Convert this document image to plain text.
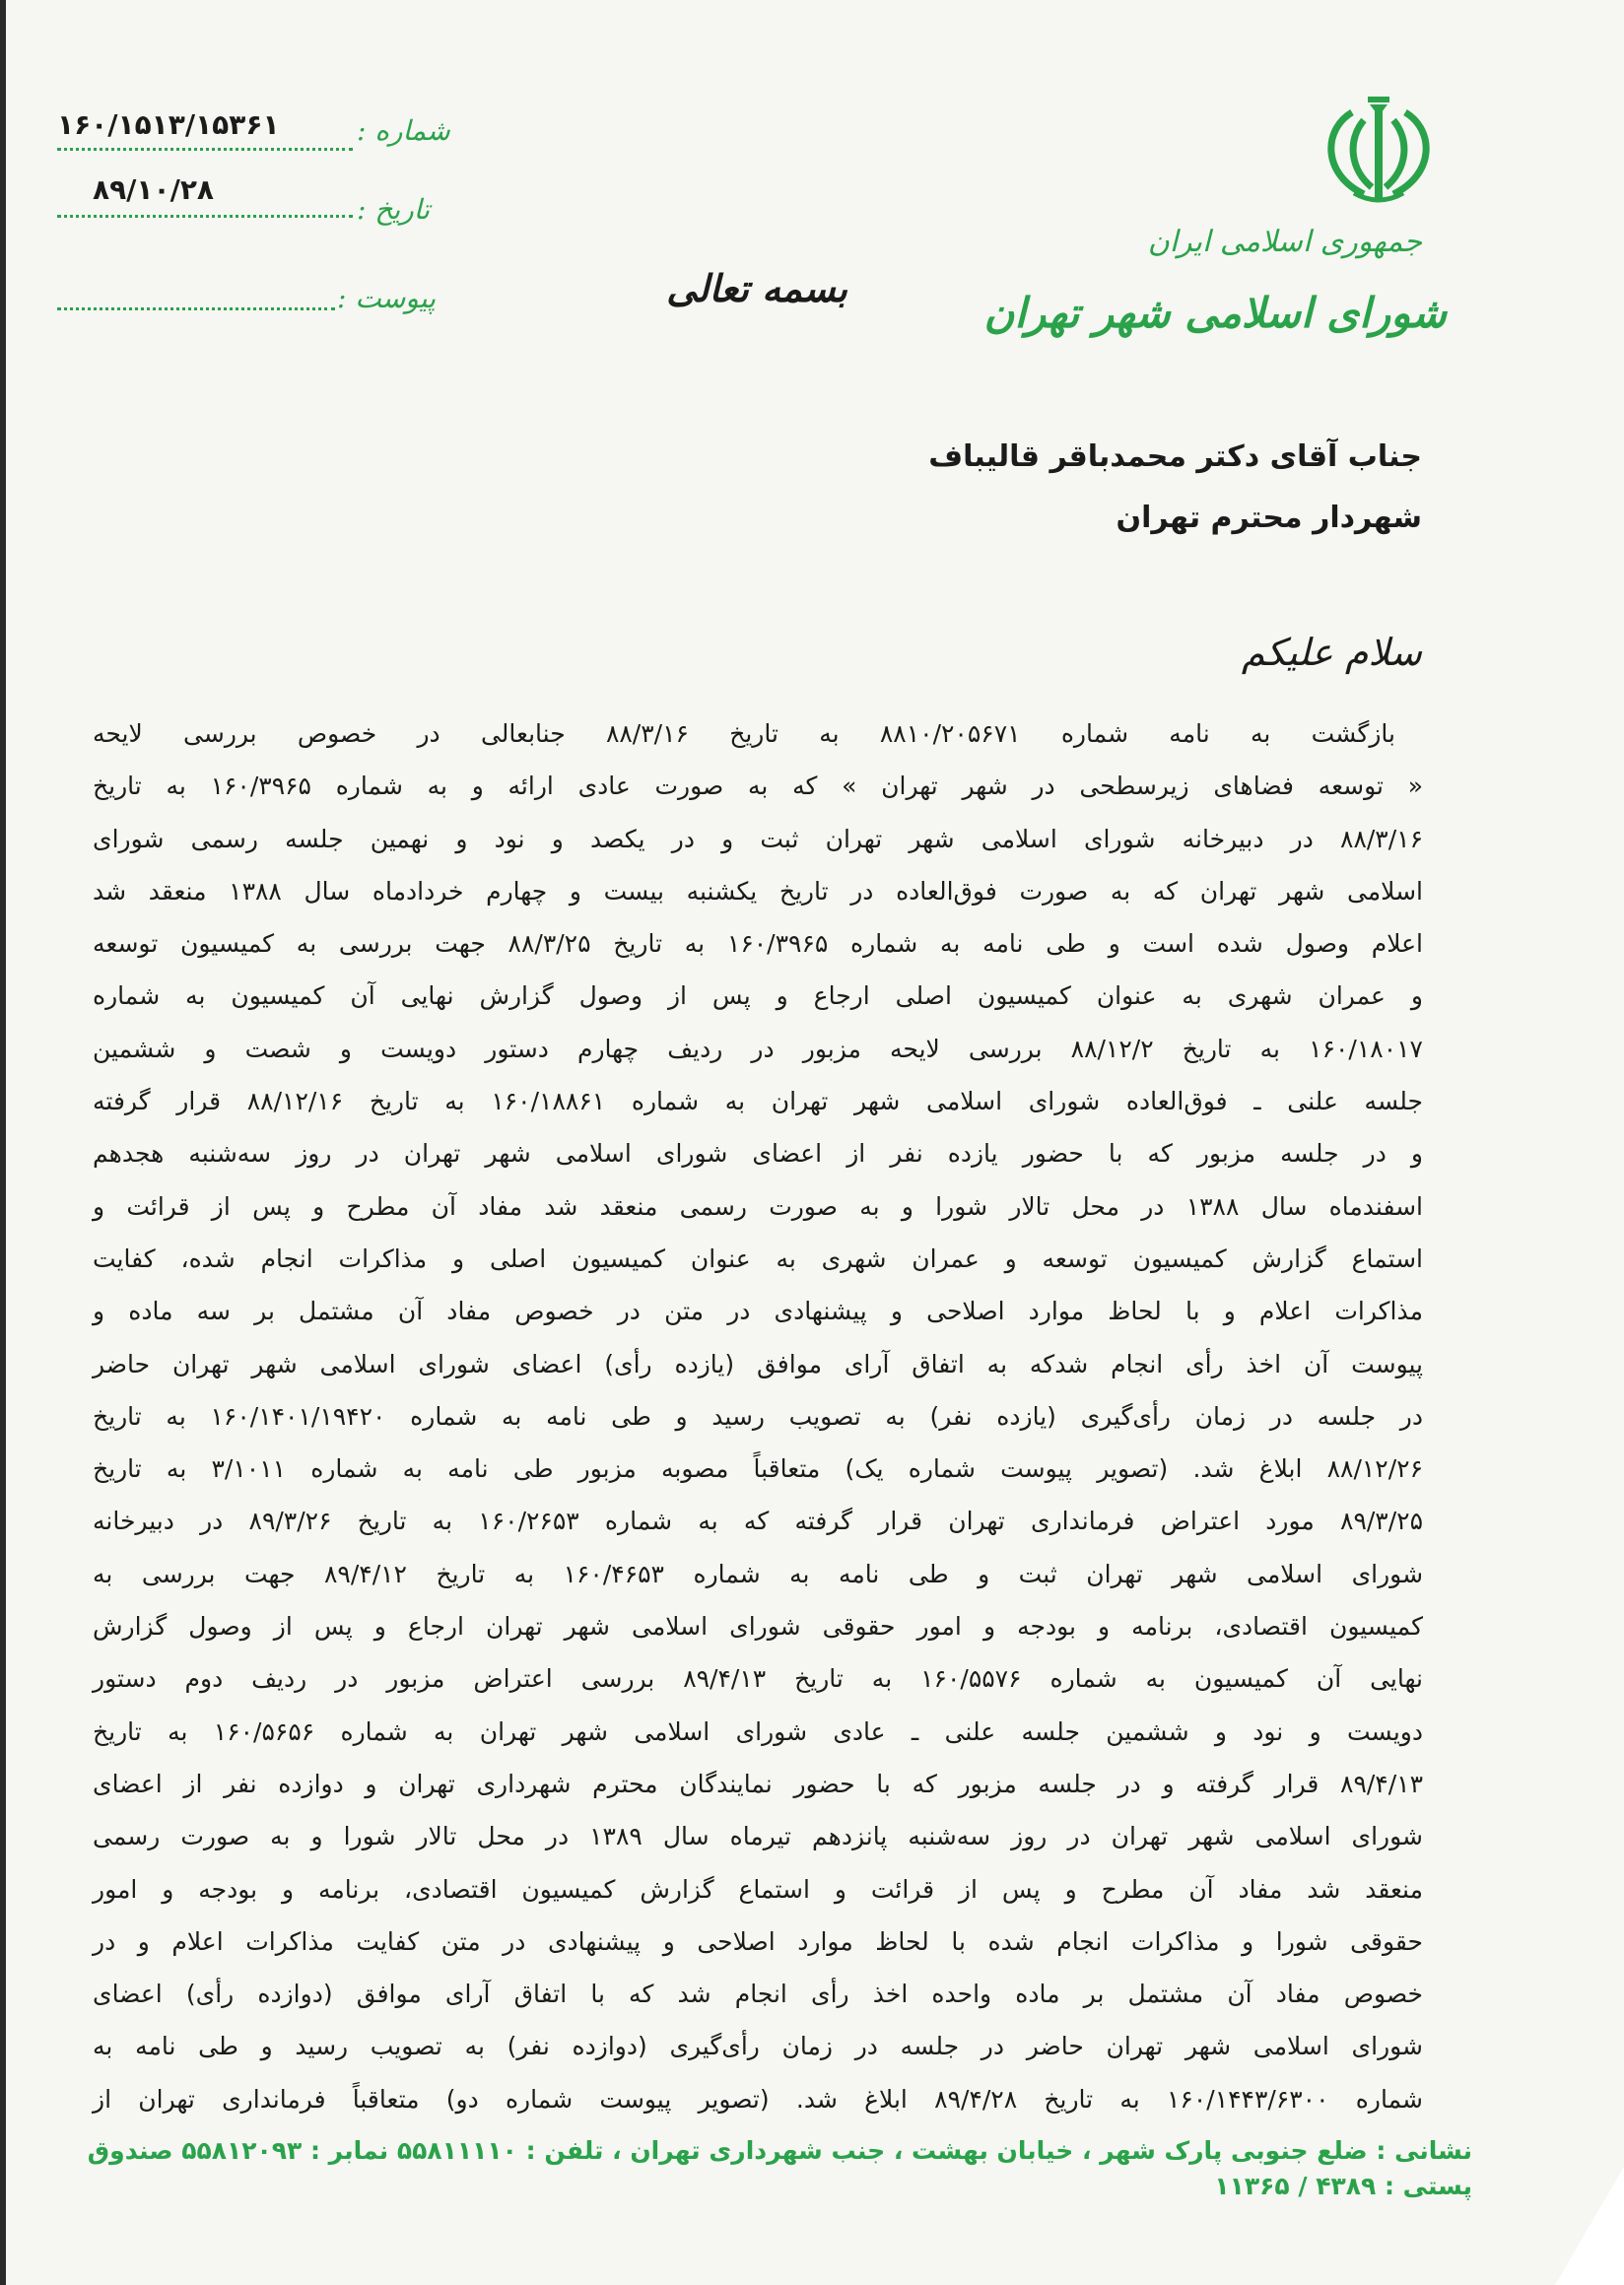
۱۶۰/۱۵۱۳/۱۵۳۶۱	شماره :
۸۹/۱۰/۲۸
تاریخ :
پیوست :	بسمه تعالی
جمهوری اسلامی ایران
شورای اسلامی شهر تهران
جناب آقای دکتر محمدباقر قالیباف
شهردار محترم تهران
سلام علیکم
بازگشت به نامه شماره ۸۸۱۰/۲۰۵۶۷۱ به تاریخ ۸۸/۳/۱۶ جنابعالی در خصوص بررسی لایحه
« توسعه فضاهای زیرسطحی در شهر تهران » که به صورت عادی ارائه و به شماره ۱۶۰/۳۹۶۵ به تاریخ
۸۸/۳/۱۶ در دبیرخانه شورای اسلامی شهر تهران ثبت و در یکصد و نود و نهمین جلسه رسمی شورای
اسلامی شهر تهران که به صورت فوق‌العاده در تاریخ یکشنبه بیست و چهارم خردادماه سال ۱۳۸۸ منعقد شد
اعلام وصول شده است و طی نامه به شماره ۱۶۰/۳۹۶۵ به تاریخ ۸۸/۳/۲۵ جهت بررسی به کمیسیون توسعه
و عمران شهری به عنوان کمیسیون اصلی ارجاع و پس از وصول گزارش نهایی آن کمیسیون به شماره
۱۶۰/۱۸۰۱۷ به تاریخ ۸۸/۱۲/۲ بررسی لایحه مزبور در ردیف چهارم دستور دویست و شصت و ششمین
جلسه علنی ـ فوق‌العاده شورای اسلامی شهر تهران به شماره ۱۶۰/۱۸۸۶۱ به تاریخ ۸۸/۱۲/۱۶ قرار گرفته
و در جلسه مزبور که با حضور یازده نفر از اعضای شورای اسلامی شهر تهران در روز سه‌شنبه هجدهم
اسفندماه سال ۱۳۸۸ در محل تالار شورا و به صورت رسمی منعقد شد مفاد آن مطرح و پس از قرائت و
استماع گزارش کمیسیون توسعه و عمران شهری به عنوان کمیسیون اصلی و مذاکرات انجام شده، کفایت
مذاکرات اعلام و با لحاظ موارد اصلاحی و پیشنهادی در متن در خصوص مفاد آن مشتمل بر سه ماده و
پیوست آن اخذ رأی انجام شدکه به اتفاق آرای موافق (یازده رأی) اعضای شورای اسلامی شهر تهران حاضر
در جلسه در زمان رأی‌گیری (یازده نفر) به تصویب رسید و طی نامه به شماره ۱۶۰/۱۴۰۱/۱۹۴۲۰ به تاریخ
۸۸/۱۲/۲۶ ابلاغ شد. (تصویر پیوست شماره یک) متعاقباً مصوبه مزبور طی نامه به شماره ۳/۱۰۱۱ به تاریخ
۸۹/۳/۲۵ مورد اعتراض فرمانداری تهران قرار گرفته که به شماره ۱۶۰/۲۶۵۳ به تاریخ ۸۹/۳/۲۶ در دبیرخانه
شورای اسلامی شهر تهران ثبت و طی نامه به شماره ۱۶۰/۴۶۵۳ به تاریخ ۸۹/۴/۱۲ جهت بررسی به
کمیسیون اقتصادی، برنامه و بودجه و امور حقوقی شورای اسلامی شهر تهران ارجاع و پس از وصول گزارش
نهایی آن کمیسیون به شماره ۱۶۰/۵۵۷۶ به تاریخ ۸۹/۴/۱۳ بررسی اعتراض مزبور در ردیف دوم دستور
دویست و نود و ششمین جلسه علنی ـ عادی شورای اسلامی شهر تهران به شماره ۱۶۰/۵۶۵۶ به تاریخ
۸۹/۴/۱۳ قرار گرفته و در جلسه مزبور که با حضور نمایندگان محترم شهرداری تهران و دوازده نفر از اعضای
شورای اسلامی شهر تهران در روز سه‌شنبه پانزدهم تیرماه سال ۱۳۸۹ در محل تالار شورا و به صورت رسمی
منعقد شد مفاد آن مطرح و پس از قرائت و استماع گزارش کمیسیون اقتصادی، برنامه و بودجه و امور
حقوقی شورا و مذاکرات انجام شده با لحاظ موارد اصلاحی و پیشنهادی در متن کفایت مذاکرات اعلام و در
خصوص مفاد آن مشتمل بر ماده واحده اخذ رأی انجام شد که با اتفاق آرای موافق (دوازده رأی) اعضای
شورای اسلامی شهر تهران حاضر در جلسه در زمان رأی‌گیری (دوازده نفر) به تصویب رسید و طی نامه به
شماره ۱۶۰/۱۴۴۳/۶۳۰۰ به تاریخ ۸۹/۴/۲۸ ابلاغ شد. (تصویر پیوست شماره دو) متعاقباً فرمانداری تهران از
نشانی : ضلع جنوبی پارک شهر ، خیابان بهشت ، جنب شهرداری تهران ، تلفن : ۵۵۸۱۱۱۱۰ نمابر : ۵۵۸۱۲۰۹۳ صندوق پستی : ۴۳۸۹ / ۱۱۳۶۵
